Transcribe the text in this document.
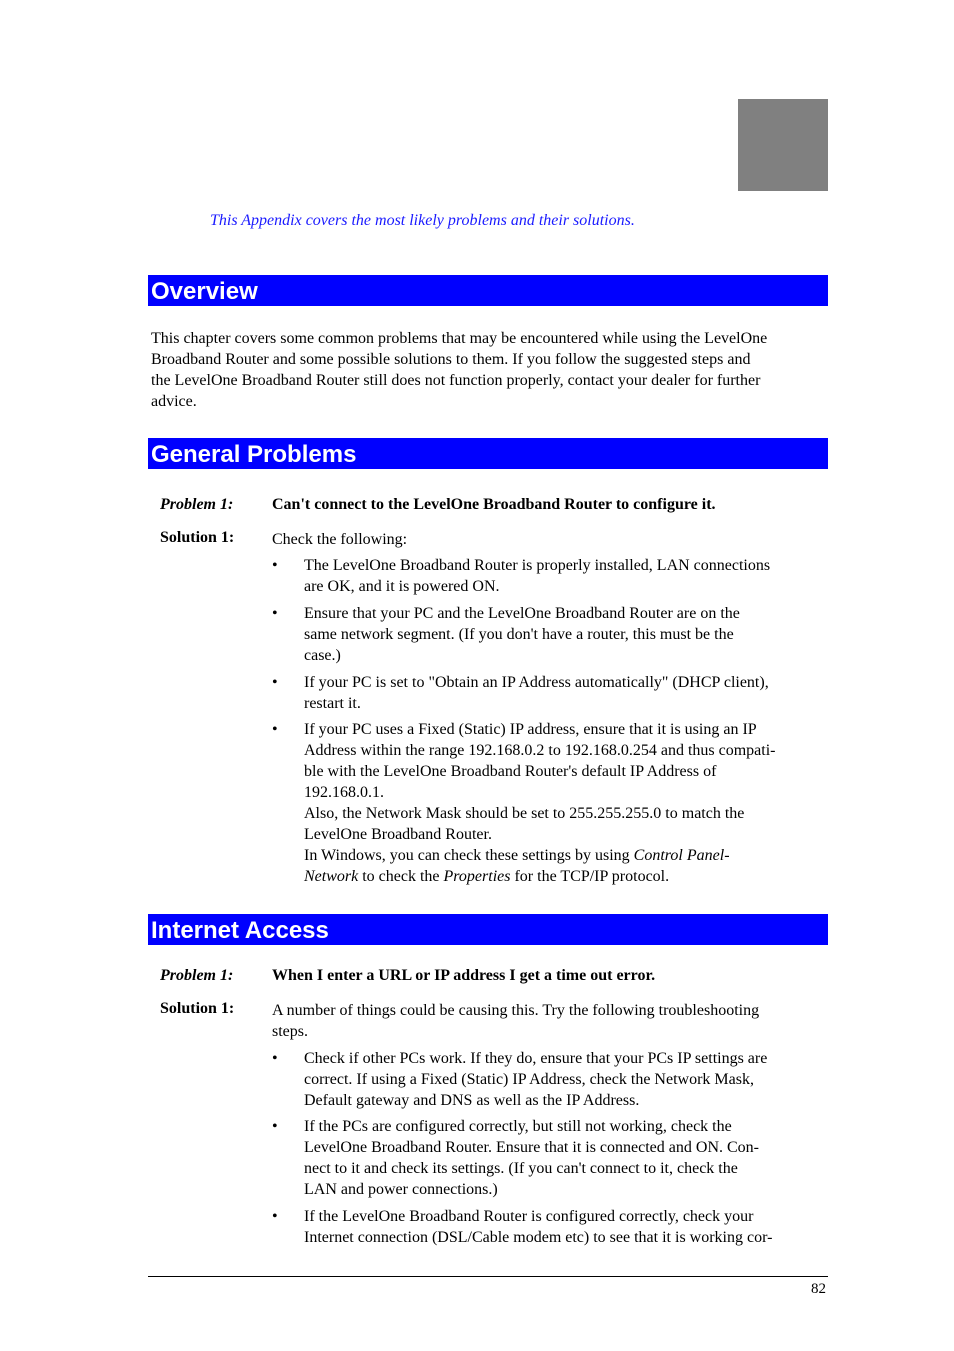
This Appendix covers the most likely problems and their solutions.
Overview
This chapter covers some common problems that may be encountered while using the LevelOne
Broadband Router and some possible solutions to them. If you follow the suggested steps and
the LevelOne Broadband Router still does not function properly, contact your dealer for further
advice.
General Problems
Problem 1: Can't connect to the LevelOne Broadband Router to configure it.
Solution 1: Check the following:
•	The LevelOne Broadband Router is properly installed, LAN connections
are OK, and it is powered ON.
•	Ensure that your PC and the LevelOne Broadband Router are on the
same network segment. (If you don't have a router, this must be the
case.)
•	If your PC is set to "Obtain an IP Address automatically" (DHCP client),
restart it.
•	If your PC uses a Fixed (Static) IP address, ensure that it is using an IP
Address within the range 192.168.0.2 to 192.168.0.254 and thus compati-
ble with the LevelOne Broadband Router's default IP Address of
192.168.0.1.
Also, the Network Mask should be set to 255.255.255.0 to match the
LevelOne Broadband Router.
In Windows, you can check these settings by using Control Panel-
Network to check the Properties for the TCP/IP protocol.
Internet Access
Problem 1: When I enter a URL or IP address I get a time out error.
Solution 1: A number of things could be causing this. Try the following troubleshooting
steps.
•	Check if other PCs work. If they do, ensure that your PCs IP settings are
correct. If using a Fixed (Static) IP Address, check the Network Mask,
Default gateway and DNS as well as the IP Address.
•	If the PCs are configured correctly, but still not working, check the
LevelOne Broadband Router. Ensure that it is connected and ON. Con-
nect to it and check its settings. (If you can't connect to it, check the
LAN and power connections.)
•	If the LevelOne Broadband Router is configured correctly, check your
Internet connection (DSL/Cable modem etc) to see that it is working cor-
82
